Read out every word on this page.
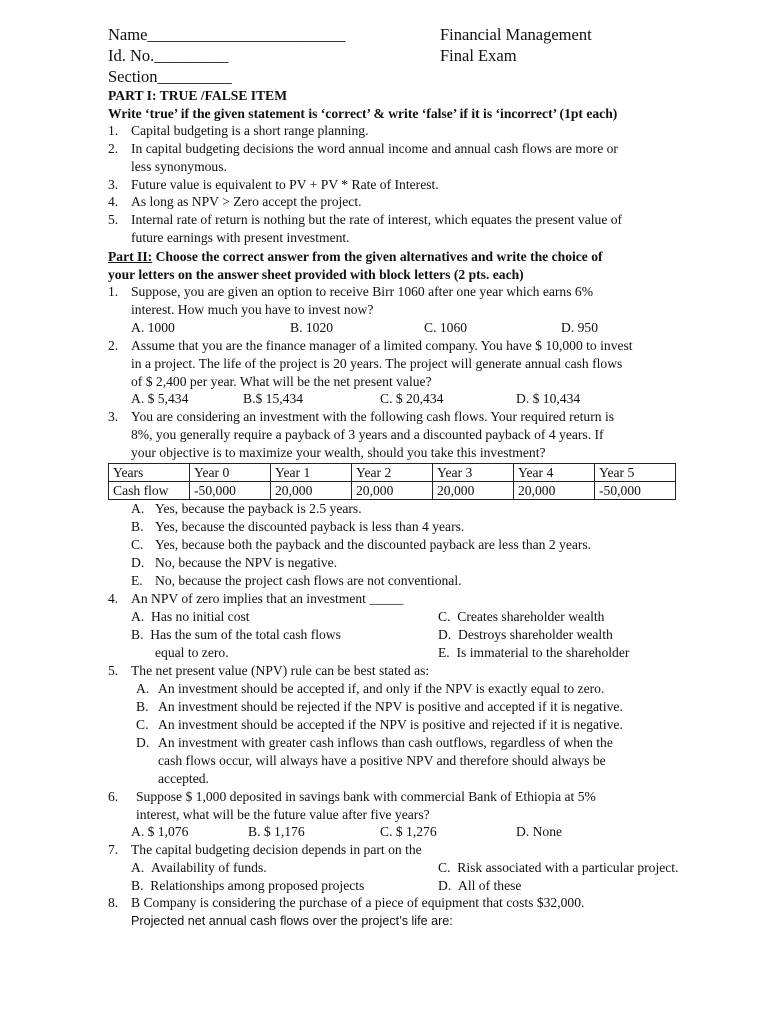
Name________________________	Financial Management
Id. No._________	Final Exam
Section_________
PART I: TRUE /FALSE ITEM
Write ‘true’ if the given statement is ‘correct’ & write ‘false’ if it is ‘incorrect’ (1pt each)
1. Capital budgeting is a short range planning.
2. In capital budgeting decisions the word annual income and annual cash flows are more or
less synonymous.
3. Future value is equivalent to PV + PV * Rate of Interest.
4. As long as NPV > Zero accept the project.
5. Internal rate of return is nothing but the rate of interest, which equates the present value of
future earnings with present investment.
Part II: Choose the correct answer from the given alternatives and write the choice of
your letters on the answer sheet provided with block letters (2 pts. each)
1. Suppose, you are given an option to receive Birr 1060 after one year which earns 6%
interest. How much you have to invest now?
A. 1000	B. 1020	C. 1060	D. 950
2. Assume that you are the finance manager of a limited company. You have $ 10,000 to invest
in a project. The life of the project is 20 years. The project will generate annual cash flows
of $ 2,400 per year. What will be the net present value?
A. $ 5,434	B.$ 15,434	C. $ 20,434	D. $ 10,434
3. You are considering an investment with the following cash flows. Your required return is
8%, you generally require a payback of 3 years and a discounted payback of 4 years. If
your objective is to maximize your wealth, should you take this investment?
Years	Year 0	Year 1	Year 2	Year 3	Year 4	Year 5
Cash flow	-50,000	20,000	20,000	20,000	20,000	-50,000
A. Yes, because the payback is 2.5 years.
B. Yes, because the discounted payback is less than 4 years.
C. Yes, because both the payback and the discounted payback are less than 2 years.
D. No, because the NPV is negative.
E. No, because the project cash flows are not conventional.
4. An NPV of zero implies that an investment _____
A.  Has no initial cost	C.  Creates shareholder wealth
B.  Has the sum of the total cash flows	D.  Destroys shareholder wealth
equal to zero.	E.  Is immaterial to the shareholder
5. The net present value (NPV) rule can be best stated as:
A. An investment should be accepted if, and only if the NPV is exactly equal to zero.
B. An investment should be rejected if the NPV is positive and accepted if it is negative.
C. An investment should be accepted if the NPV is positive and rejected if it is negative.
D. An investment with greater cash inflows than cash outflows, regardless of when the
cash flows occur, will always have a positive NPV and therefore should always be
accepted.
6. Suppose $ 1,000 deposited in savings bank with commercial Bank of Ethiopia at 5%
interest, what will be the future value after five years?
A. $ 1,076	B. $ 1,176	C. $ 1,276	D. None
7. The capital budgeting decision depends in part on the
A.  Availability of funds.	C.  Risk associated with a particular project.
B.  Relationships among proposed projects	D.  All of these
8. B Company is considering the purchase of a piece of equipment that costs $32,000.
Projected net annual cash flows over the project’s life are:
